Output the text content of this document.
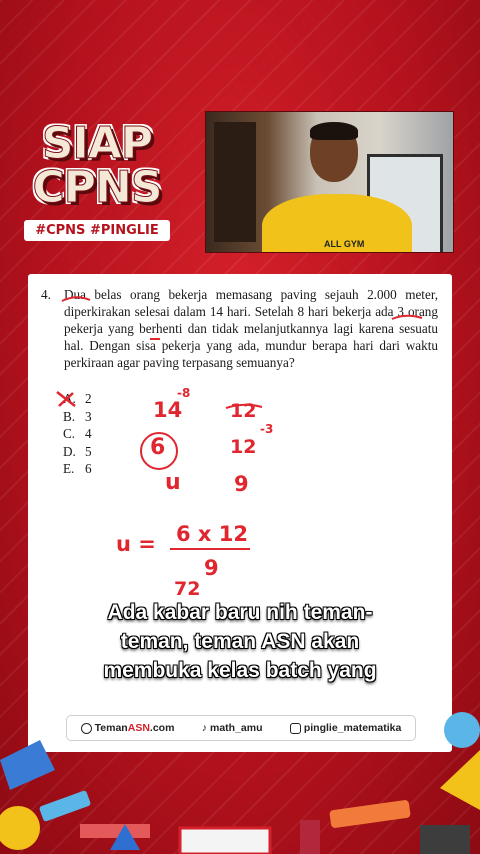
SIAP
CPNS
#CPNS #PINGLIE
ALL GYM
4. Dua belas orang bekerja memasang paving sejauh 2.000 meter, diperkirakan selesai dalam 14 hari. Setelah 8 hari bekerja ada 3 orang pekerja yang berhenti dan tidak melanjutkannya lagi karena sesuatu hal. Dengan sisa pekerja yang ada, mundur berapa hari dari waktu perkiraan agar paving terpasang semuanya?
A. 2
B. 3
C. 4
D. 5
E. 6
14
-8
12
6	12
-3
u	9
u = 6 x 12
9
72
Ada kabar baru nih teman-
teman, teman ASN akan
membuka kelas batch yang
Teman ASN .com	♪ math_amu	pinglie_matematika
